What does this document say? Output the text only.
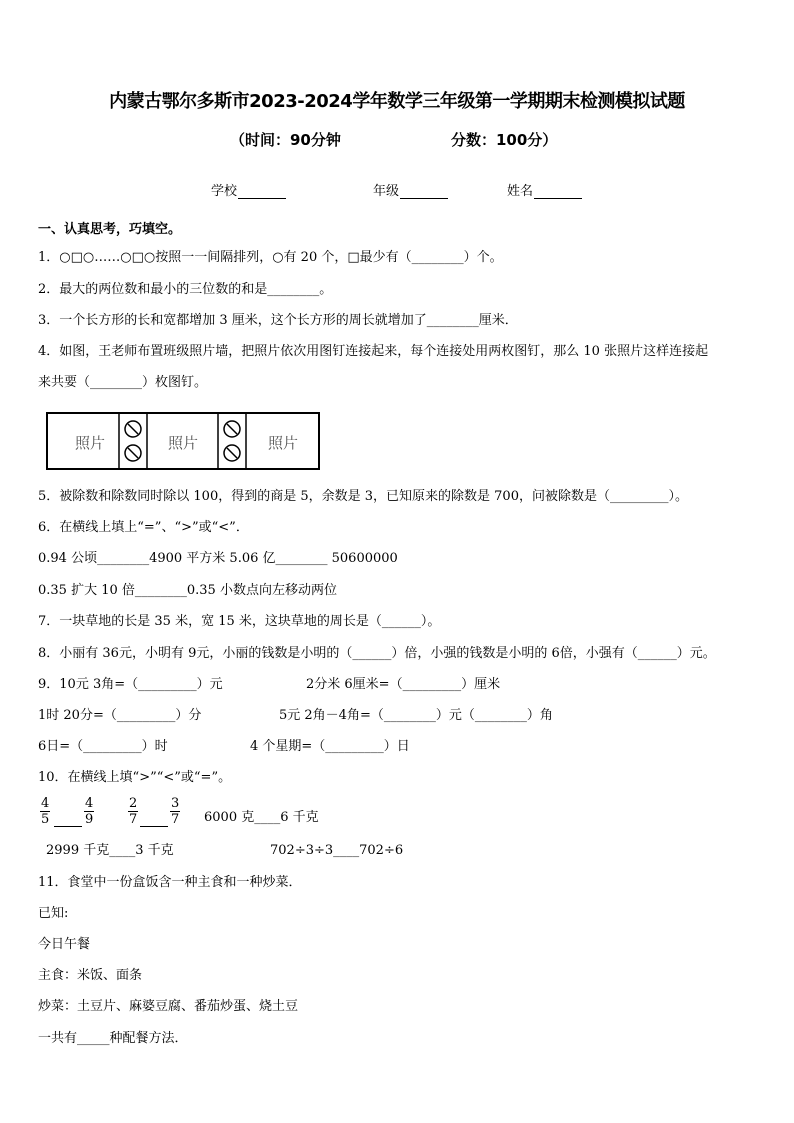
内蒙古鄂尔多斯市2023-2024学年数学三年级第一学期期末检测模拟试题
（时间：90分钟	分数：100分）
学校	年级	姓名
一、认真思考，巧填空。
1．○□○……○□○按照一一间隔排列，○有 20 个，□最少有（________）个。
2．最大的两位数和最小的三位数的和是________。
3．一个长方形的长和宽都增加 3 厘米，这个长方形的周长就增加了________厘米．
4．如图，王老师布置班级照片墙，把照片依次用图钉连接起来，每个连接处用两枚图钉，那么 10 张照片这样连接起
来共要（________）枚图钉。
照片	照片	照片
5．被除数和除数同时除以 100，得到的商是 5，余数是 3，已知原来的除数是 700，问被除数是（_________）。
6．在横线上填上“=”、“>”或“<”．
0.94 公顷________4900 平方米 5.06 亿________ 50600000
0.35 扩大 10 倍________0.35 小数点向左移动两位
7．一块草地的长是 35 米，宽 15 米，这块草地的周长是（______）。
8．小丽有 36元，小明有 9元，小丽的钱数是小明的（______）倍，小强的钱数是小明的 6倍，小强有（______）元。
9．10元 3角=（_________）元	2分米 6厘米=（_________）厘米
1时 20分=（_________）分	5元 2角－4角=（________）元（________）角
6日=（_________）时	4 个星期=（_________）日
10．在横线上填“>”“<”或“=”。
$\frac{4}{5}$	$\frac{4}{9}$	$\frac{2}{7} \frac{3}{7} 6000$ 克____6 千克
2999 千克____3 千克	702÷3÷3____702÷6
11．食堂中一份盒饭含一种主食和一种炒菜．
已知:
今日午餐
主食：米饭、面条
炒菜：土豆片、麻婆豆腐、番茄炒蛋、烧土豆
一共有_____种配餐方法．
